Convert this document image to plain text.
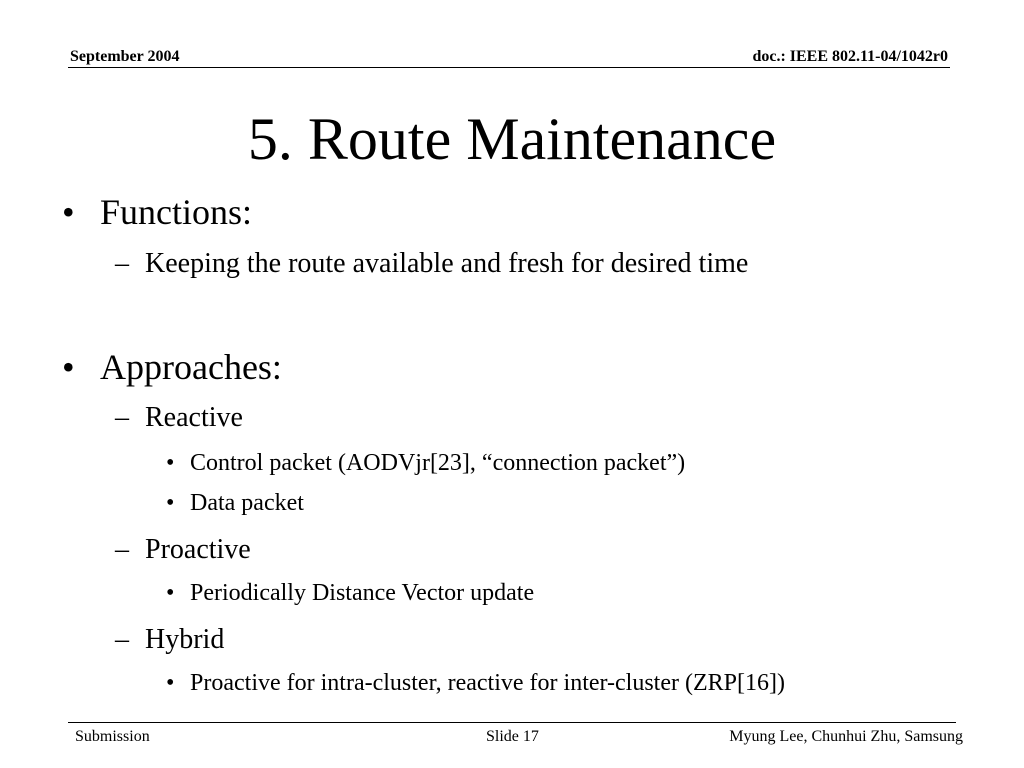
September 2004	doc.: IEEE 802.11-04/1042r0
5. Route Maintenance
• Functions:
– Keeping the route available and fresh for desired time
• Approaches:
– Reactive
• Control packet (AODVjr[23], “connection packet”)
• Data packet
– Proactive
• Periodically Distance Vector update
– Hybrid
• Proactive for intra-cluster, reactive for inter-cluster (ZRP[16])
Submission	Slide 17	Myung Lee, Chunhui Zhu, Samsung
